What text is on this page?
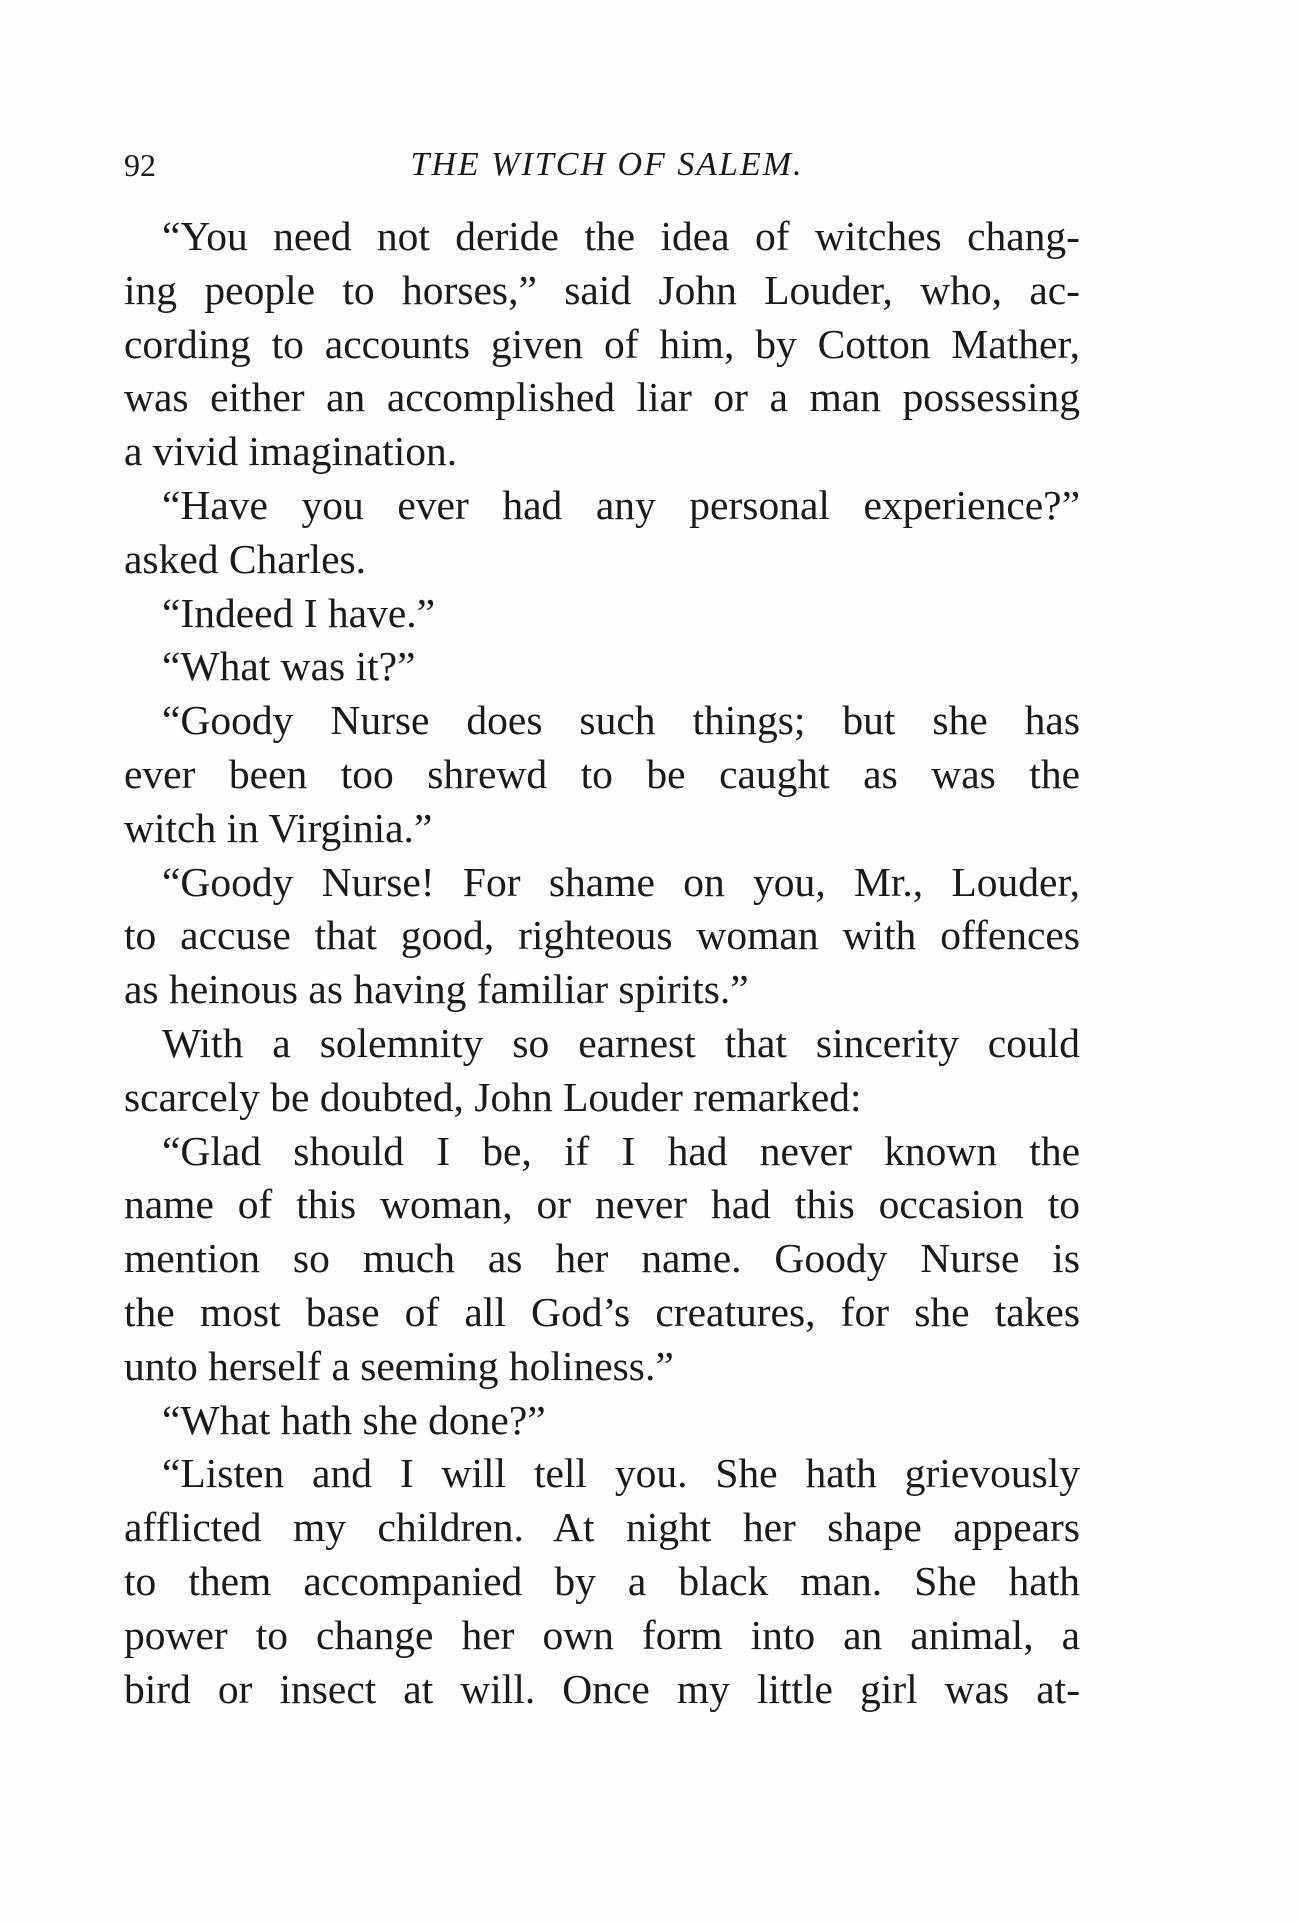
92	THE WITCH OF SALEM.
“You need not deride the idea of witches chang-
ing people to horses,” said John Louder, who, ac-
cording to accounts given of him, by Cotton Mather,
was either an accomplished liar or a man possessing
a vivid imagination.
“Have you ever had any personal experience?”
asked Charles.
“Indeed I have.”
“What was it?”
“Goody Nurse does such things; but she has
ever been too shrewd to be caught as was the
witch in Virginia.”
“Goody Nurse! For shame on you, Mr., Louder,
to accuse that good, righteous woman with offences
as heinous as having familiar spirits.”
With a solemnity so earnest that sincerity could
scarcely be doubted, John Louder remarked:
“Glad should I be, if I had never known the
name of this woman, or never had this occasion to
mention so much as her name. Goody Nurse is
the most base of all God’s creatures, for she takes
unto herself a seeming holiness.”
“What hath she done?”
“Listen and I will tell you. She hath grievously
afflicted my children. At night her shape appears
to them accompanied by a black man. She hath
power to change her own form into an animal, a
bird or insect at will. Once my little girl was at-
